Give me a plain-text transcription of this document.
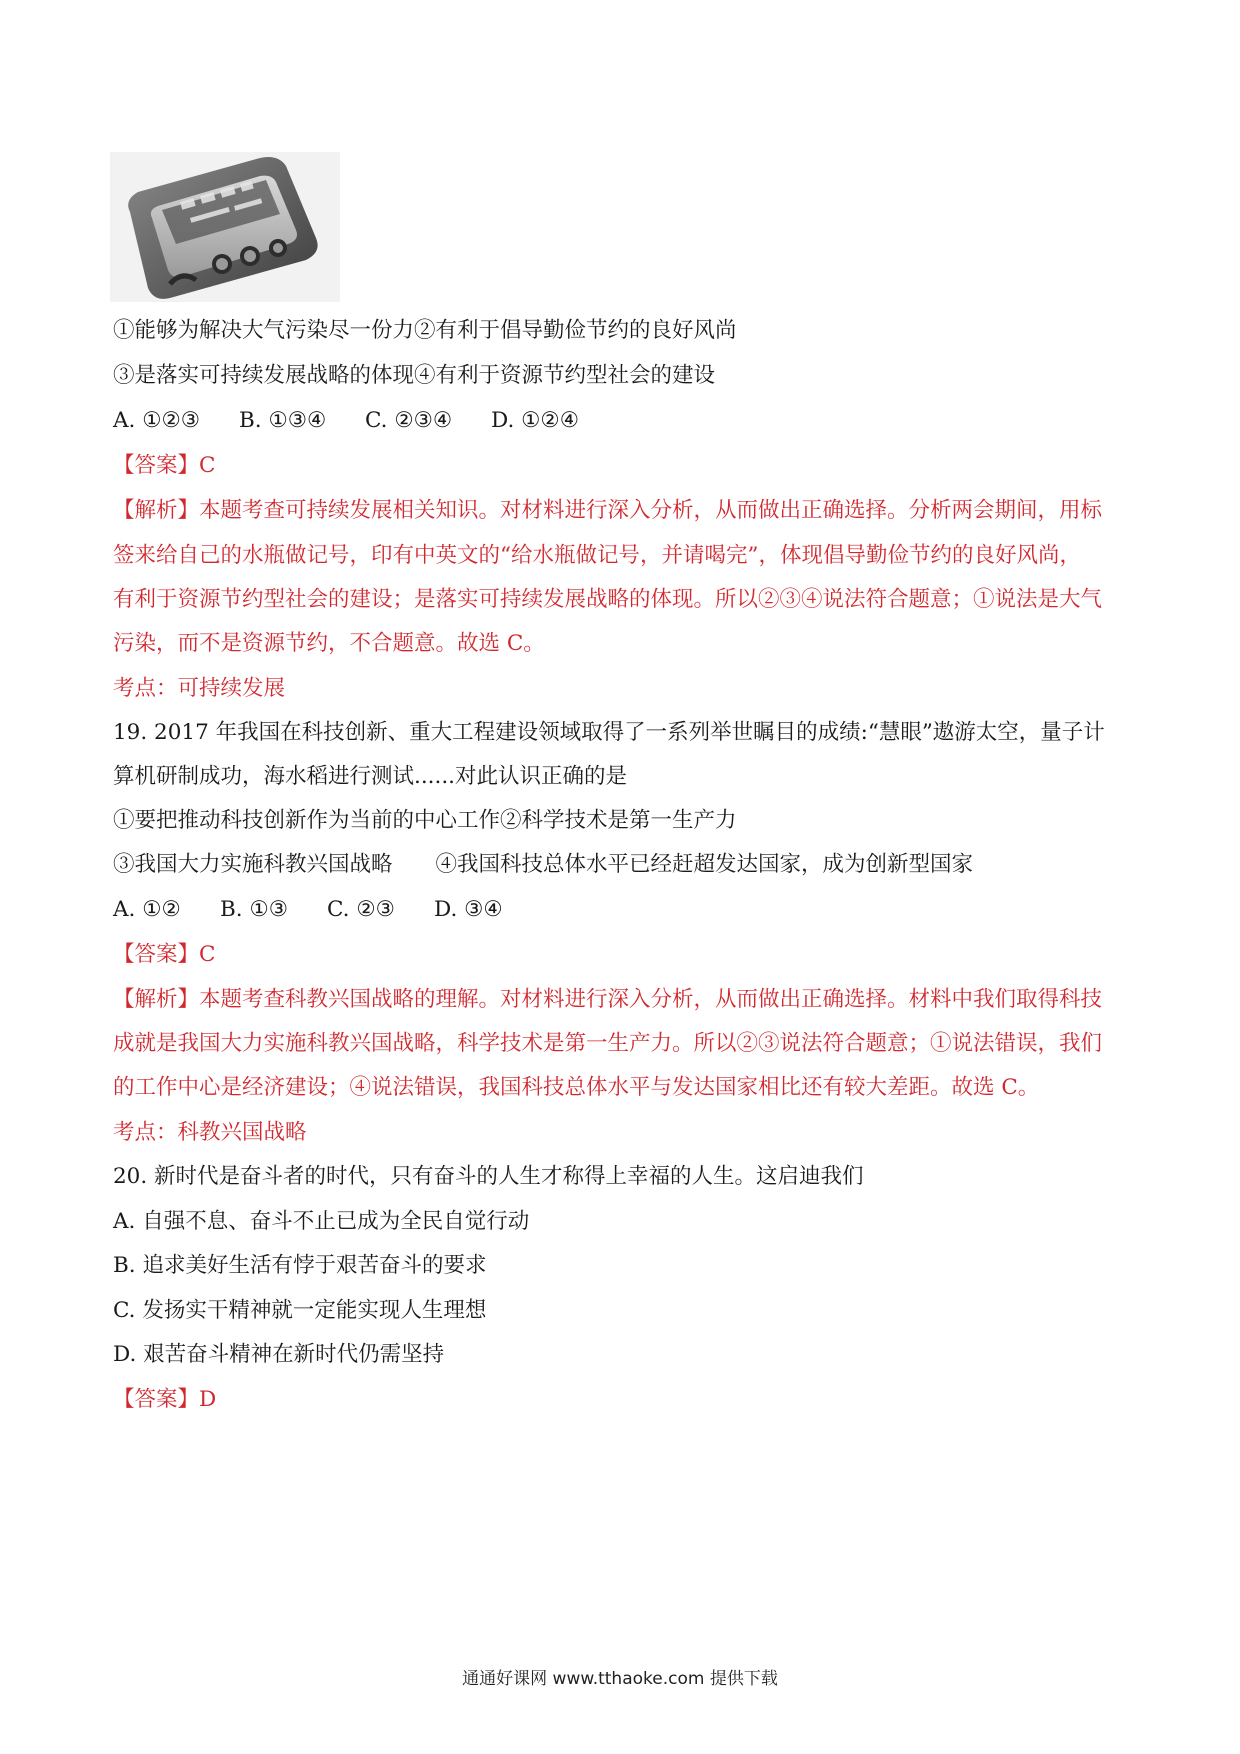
①能够为解决大气污染尽一份力②有利于倡导勤俭节约的良好风尚
③是落实可持续发展战略的体现④有利于资源节约型社会的建设
A. ①②③ B. ①③④ C. ②③④ D. ①②④
【答案】C
【解析】本题考查可持续发展相关知识。对材料进行深入分析，从而做出正确选择。分析两会期间，用标
签来给自己的水瓶做记号，印有中英文的“给水瓶做记号，并请喝完”，体现倡导勤俭节约的良好风尚，
有利于资源节约型社会的建设；是落实可持续发展战略的体现。所以②③④说法符合题意；①说法是大气
污染，而不是资源节约，不合题意。故选 C。
考点：可持续发展
19. 2017 年我国在科技创新、重大工程建设领域取得了一系列举世瞩目的成绩:“慧眼”遨游太空，量子计
算机研制成功，海水稻进行测试......对此认识正确的是
①要把推动科技创新作为当前的中心工作②科学技术是第一生产力
③我国大力实施科教兴国战略　　④我国科技总体水平已经赶超发达国家，成为创新型国家
A. ①② B. ①③ C. ②③ D. ③④
【答案】C
【解析】本题考查科教兴国战略的理解。对材料进行深入分析，从而做出正确选择。材料中我们取得科技
成就是我国大力实施科教兴国战略，科学技术是第一生产力。所以②③说法符合题意；①说法错误，我们
的工作中心是经济建设；④说法错误，我国科技总体水平与发达国家相比还有较大差距。故选 C。
考点：科教兴国战略
20. 新时代是奋斗者的时代，只有奋斗的人生才称得上幸福的人生。这启迪我们
A. 自强不息、奋斗不止已成为全民自觉行动
B. 追求美好生活有悖于艰苦奋斗的要求
C. 发扬实干精神就一定能实现人生理想
D. 艰苦奋斗精神在新时代仍需坚持
【答案】D
通通好课网 www.tthaoke.com 提供下载
